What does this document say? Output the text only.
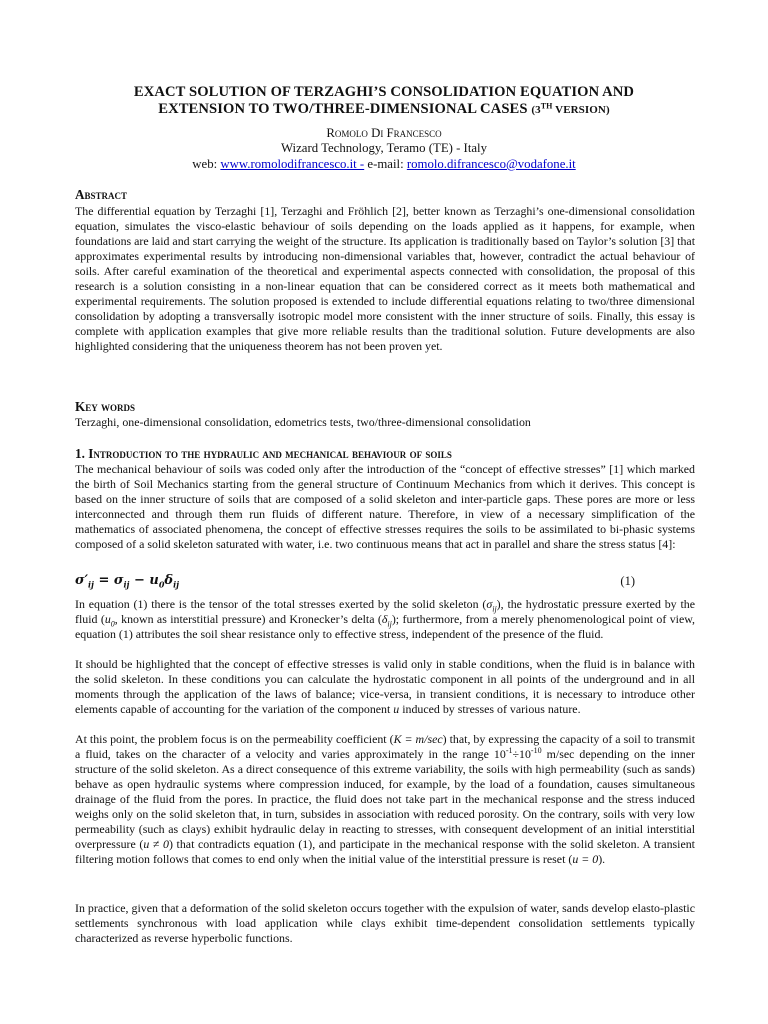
EXACT SOLUTION OF TERZAGHI’S CONSOLIDATION EQUATION AND
EXTENSION TO TWO/THREE-DIMENSIONAL CASES (3TH VERSION)
Romolo Di Francesco
Wizard Technology, Teramo (TE) - Italy
web: www.romolodifrancesco.it - e-mail: romolo.difrancesco@vodafone.it
Abstract
The differential equation by Terzaghi [1], Terzaghi and Fröhlich [2], better known as Terzaghi’s one-dimensional consolidation equation, simulates the visco-elastic behaviour of soils depending on the loads applied as it happens, for example, when foundations are laid and start carrying the weight of the structure. Its application is traditionally based on Taylor’s solution [3] that approximates experimental results by introducing non-dimensional variables that, however, contradict the actual behaviour of soils. After careful examination of the theoretical and experimental aspects connected with consolidation, the proposal of this research is a solution consisting in a non-linear equation that can be considered correct as it meets both mathematical and experimental requirements. The solution proposed is extended to include differential equations relating to two/three dimensional consolidation by adopting a transversally isotropic model more consistent with the inner structure of soils. Finally, this essay is complete with application examples that give more reliable results than the traditional solution. Future developments are also highlighted considering that the uniqueness theorem has not been proven yet.
Key words
Terzaghi, one-dimensional consolidation, edometrics tests, two/three-dimensional consolidation
1. Introduction to the hydraulic and mechanical behaviour of soils
The mechanical behaviour of soils was coded only after the introduction of the “concept of effective stresses” [1] which marked the birth of Soil Mechanics starting from the general structure of Continuum Mechanics from which it derives. This concept is based on the inner structure of soils that are composed of a solid skeleton and inter-particle gaps. These pores are more or less interconnected and through them run fluids of different nature. Therefore, in view of a necessary simplification of the mathematics of associated phenomena, the concept of effective stresses requires the soils to be assimilated to bi-phasic systems composed of a solid skeleton saturated with water, i.e. two continuous means that act in parallel and share the stress status [4]:
$\sigma'_{ij} = \sigma_{ij} - u_0\delta_{ij}$	(1)
In equation (1) there is the tensor of the total stresses exerted by the solid skeleton $(\sigma_{ij})$, the hydrostatic pressure exerted by the fluid ($u_0$, known as interstitial pressure) and Kronecker’s delta $(\delta_{ij})$; furthermore, from a merely phenomenological point of view, equation (1) attributes the soil shear resistance only to effective stress, independent of the presence of the fluid.
It should be highlighted that the concept of effective stresses is valid only in stable conditions, when the fluid is in balance with the solid skeleton. In these conditions you can calculate the hydrostatic component in all points of the underground and in all moments through the application of the laws of balance; vice-versa, in transient conditions, it is necessary to introduce other elements capable of accounting for the variation of the component u induced by stresses of various nature.
At this point, the problem focus is on the permeability coefficient (K = m/sec) that, by expressing the capacity of a soil to transmit a fluid, takes on the character of a velocity and varies approximately in the range $10^{-1}\div 10^{-10}$ m/sec depending on the inner structure of the solid skeleton. As a direct consequence of this extreme variability, the soils with high permeability (such as sands) behave as open hydraulic systems where compression induced, for example, by the load of a foundation, causes simultaneous drainage of the fluid from the pores. In practice, the fluid does not take part in the mechanical response and the stress induced weighs only on the solid skeleton that, in turn, subsides in association with reduced porosity. On the contrary, soils with very low permeability (such as clays) exhibit hydraulic delay in reacting to stresses, with consequent development of an initial interstitial overpressure (u ≠ 0) that contradicts equation (1), and participate in the mechanical response with the solid skeleton. A transient filtering motion follows that comes to end only when the initial value of the interstitial pressure is reset (u = 0).
In practice, given that a deformation of the solid skeleton occurs together with the expulsion of water, sands develop elasto-plastic settlements synchronous with load application while clays exhibit time-dependent consolidation settlements typically characterized as reverse hyperbolic functions.
